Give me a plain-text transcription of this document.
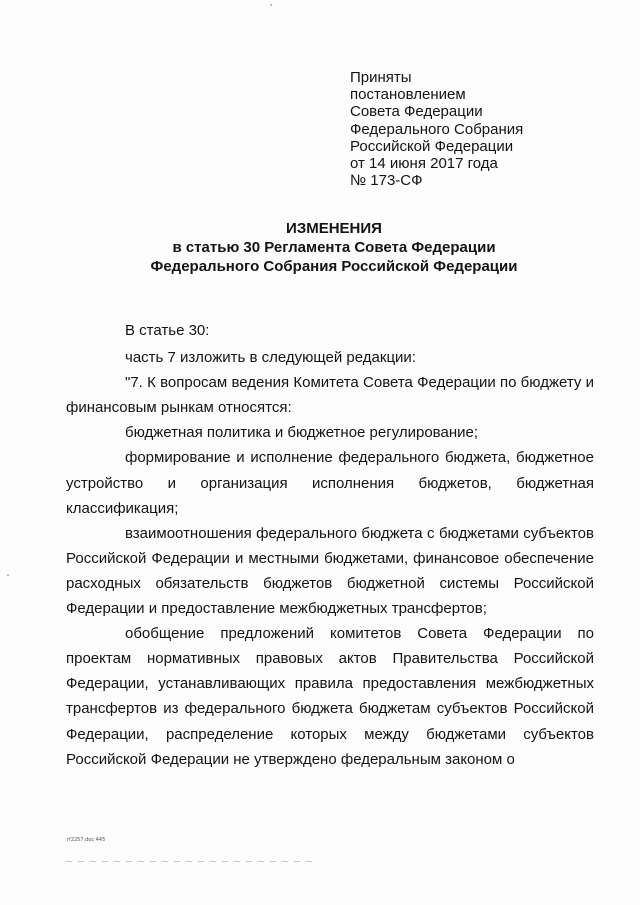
Приняты
постановлением
Совета Федерации
Федерального Собрания
Российской Федерации
от 14 июня 2017 года
№ 173-СФ
ИЗМЕНЕНИЯ
в статью 30 Регламента Совета Федерации
Федерального Собрания Российской Федерации

В статье 30:

часть 7 изложить в следующей редакции:

"7. К вопросам ведения Комитета Совета Федерации по бюджету и финансовым рынкам относятся:

бюджетная политика и бюджетное регулирование;

формирование и исполнение федерального бюджета, бюджетное устройство и организация исполнения бюджетов, бюджетная классификация;

взаимоотношения федерального бюджета с бюджетами субъектов Российской Федерации и местными бюджетами, финансовое обеспечение расходных обязательств бюджетов бюджетной системы Российской Федерации и предоставление межбюджетных трансфертов;

обобщение предложений комитетов Совета Федерации по проектам нормативных правовых актов Правительства Российской Федерации, устанавливающих правила предоставления межбюджетных трансфертов из федерального бюджета бюджетам субъектов Российской Федерации, распределение которых между бюджетами субъектов Российской Федерации не утверждено федеральным законом о

rf2257.doc 445
